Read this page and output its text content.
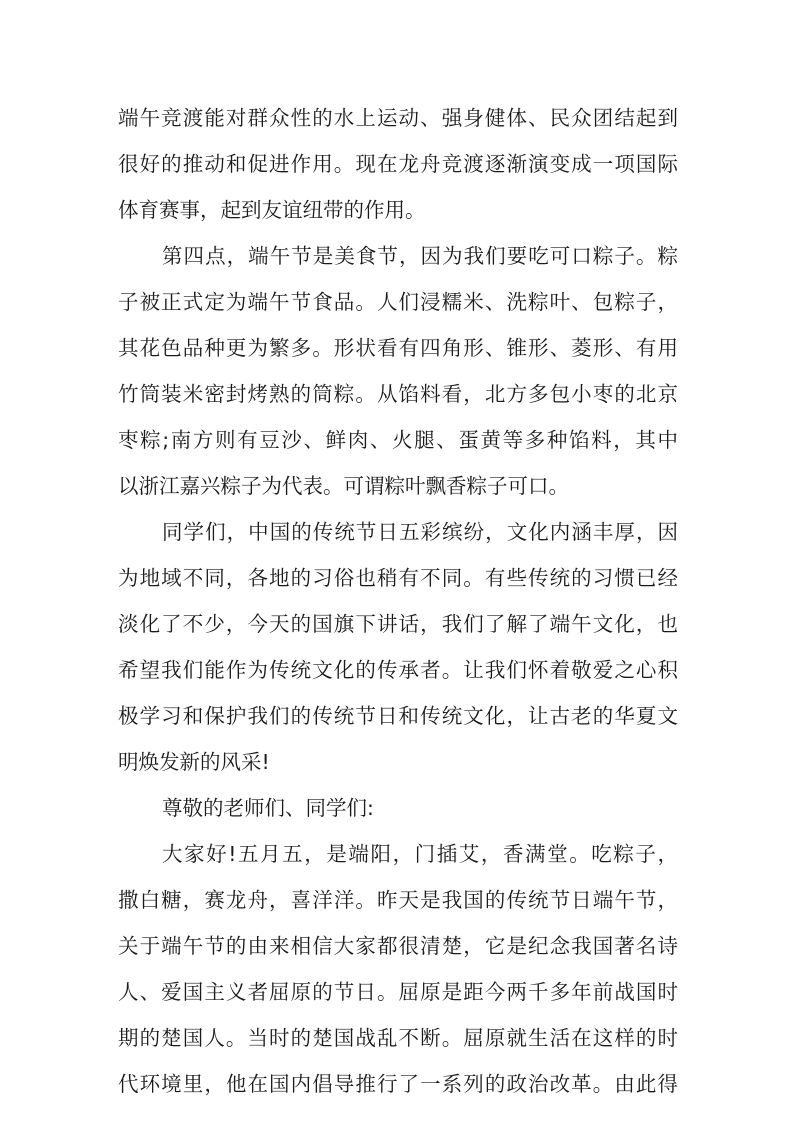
端午竞渡能对群众性的水上运动、强身健体、民众团结起到
很好的推动和促进作用。现在龙舟竞渡逐渐演变成一项国际
体育赛事，起到友谊纽带的作用。
第四点，端午节是美食节，因为我们要吃可口粽子。粽
子被正式定为端午节食品。人们浸糯米、洗粽叶、包粽子，
其花色品种更为繁多。形状看有四角形、锥形、菱形、有用
竹筒装米密封烤熟的筒粽。从馅料看，北方多包小枣的北京
枣粽;南方则有豆沙、鲜肉、火腿、蛋黄等多种馅料，其中
以浙江嘉兴粽子为代表。可谓粽叶飘香粽子可口。
同学们，中国的传统节日五彩缤纷，文化内涵丰厚，因
为地域不同，各地的习俗也稍有不同。有些传统的习惯已经
淡化了不少，今天的国旗下讲话，我们了解了端午文化，也
希望我们能作为传统文化的传承者。让我们怀着敬爱之心积
极学习和保护我们的传统节日和传统文化，让古老的华夏文
明焕发新的风采!
尊敬的老师们、同学们:
大家好!五月五，是端阳，门插艾，香满堂。吃粽子，
撒白糖，赛龙舟，喜洋洋。昨天是我国的传统节日端午节，
关于端午节的由来相信大家都很清楚，它是纪念我国著名诗
人、爱国主义者屈原的节日。屈原是距今两千多年前战国时
期的楚国人。当时的楚国战乱不断。屈原就生活在这样的时
代环境里，他在国内倡导推行了一系列的政治改革。由此得
